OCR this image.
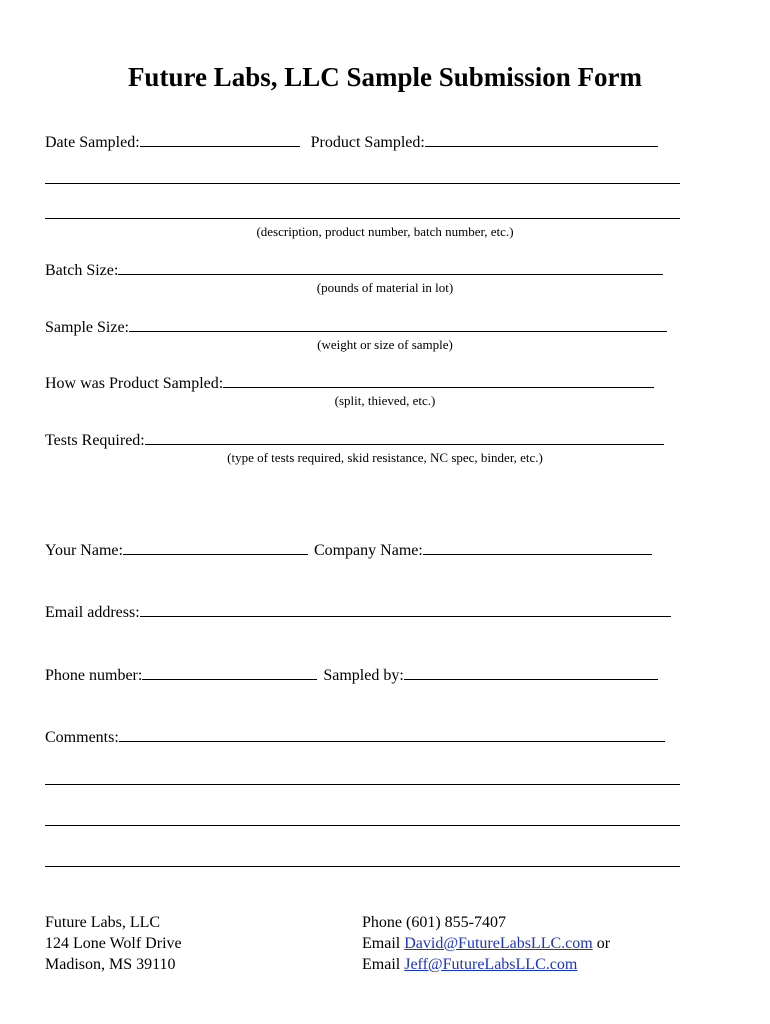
Future Labs, LLC Sample Submission Form
Date Sampled:	Product Sampled:
(description, product number, batch number, etc.)
Batch Size:
(pounds of material in lot)
Sample Size:
(weight or size of sample)
How was Product Sampled:
(split, thieved, etc.)
Tests Required:
(type of tests required, skid resistance, NC spec, binder, etc.)
Your Name:	Company Name:
Email address:
Phone number:	Sampled by:
Comments:
Future Labs, LLC
124 Lone Wolf Drive
Madison, MS 39110
Phone (601) 855-7407
Email David@FutureLabsLLC.com or
Email Jeff@FutureLabsLLC.com
